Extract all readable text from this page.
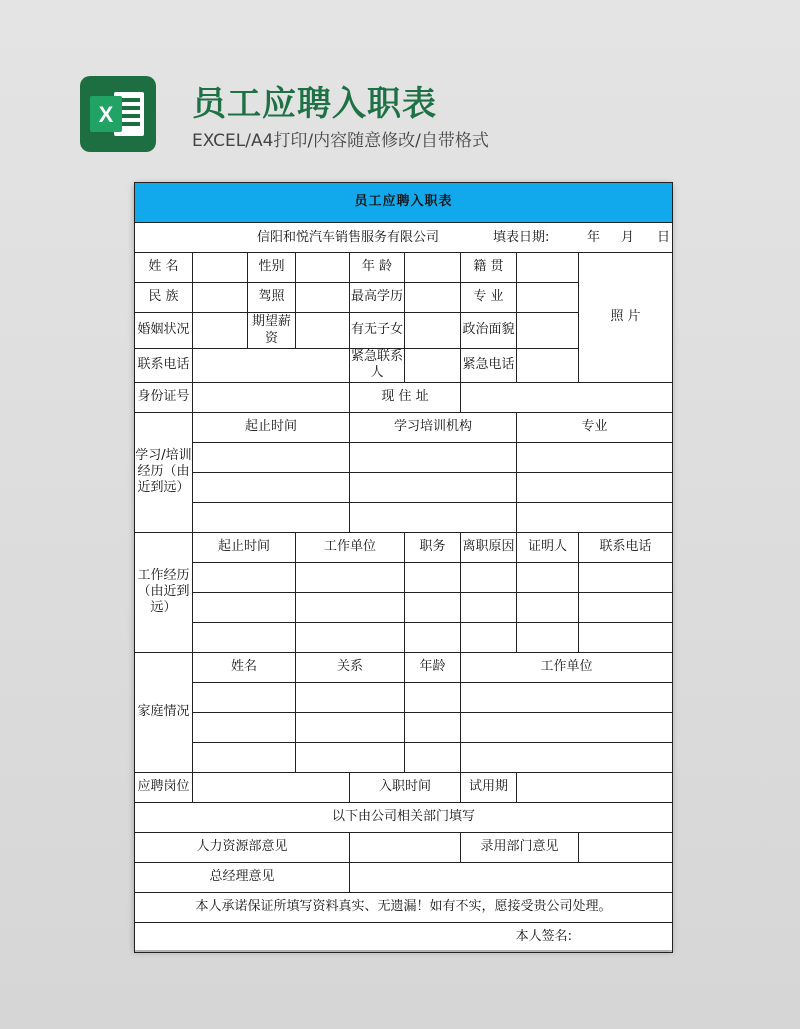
X 员工应聘入职表
EXCEL/A4打印/内容随意修改/自带格式
员工应聘入职表								

信阳和悦汽车销售服务有限公司 填表日期: 年 月 日								

姓 名		性别		年 龄		籍 贯		照 片
民 族		驾照		最高学历		专 业		
婚姻状况		期望薪资		有无子女		政治面貌		
联系电话				紧急联系人		紧急电话		
身份证号				现 住 址				
学习/培训经历（由近到远）	起止时间			学习培训机构			专业	

工作经历（由近到远）	起止时间		工作单位		职务	离职原因	证明人	联系电话

家庭情况	姓名		关系		年龄	工作单位		

应聘岗位				入职时间		试用期		
以下由公司相关部门填写								
人力资源部意见						录用部门意见		
总经理意见								
本人承诺保证所填写资料真实、无遗漏！如有不实，愿接受贵公司处理。								

本人签名:								
